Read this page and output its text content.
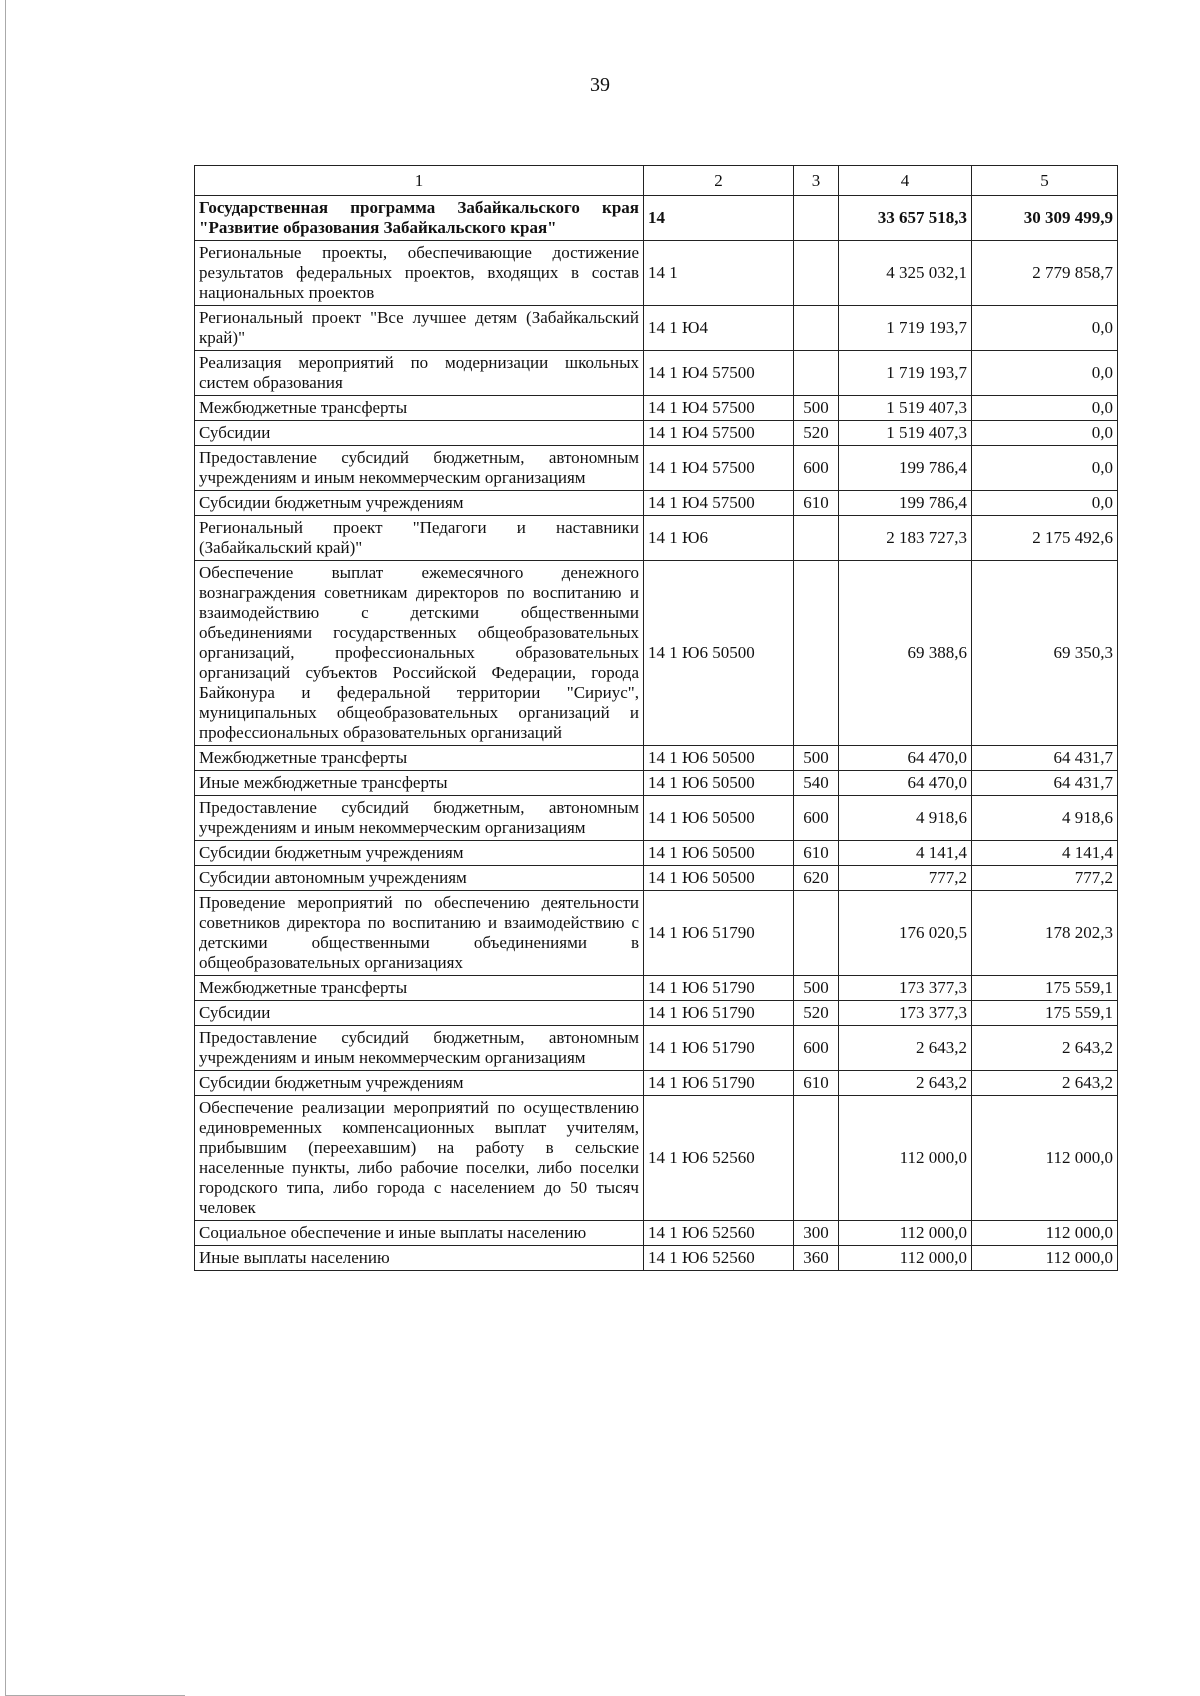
39
1	2	3	4	5
Государственная программа Забайкальского края "Развитие образования Забайкальского края"	14		33 657 518,3	30 309 499,9
Региональные проекты, обеспечивающие достижение результатов федеральных проектов, входящих в состав национальных проектов	14 1		4 325 032,1	2 779 858,7
Региональный проект "Все лучшее детям (Забайкальский край)"	14 1 Ю4		1 719 193,7	0,0
Реализация мероприятий по модернизации школьных систем образования	14 1 Ю4 57500		1 719 193,7	0,0
Межбюджетные трансферты	14 1 Ю4 57500	500	1 519 407,3	0,0
Субсидии	14 1 Ю4 57500	520	1 519 407,3	0,0
Предоставление субсидий бюджетным, автономным учреждениям и иным некоммерческим организациям	14 1 Ю4 57500	600	199 786,4	0,0
Субсидии бюджетным учреждениям	14 1 Ю4 57500	610	199 786,4	0,0
Региональный проект "Педагоги и наставники (Забайкальский край)"	14 1 Ю6		2 183 727,3	2 175 492,6
Обеспечение выплат ежемесячного денежного вознаграждения советникам директоров по воспитанию и взаимодействию с детскими общественными объединениями государственных общеобразовательных организаций, профессиональных образовательных организаций субъектов Российской Федерации, города Байконура и федеральной территории "Сириус", муниципальных общеобразовательных организаций и профессиональных образовательных организаций	14 1 Ю6 50500		69 388,6	69 350,3
Межбюджетные трансферты	14 1 Ю6 50500	500	64 470,0	64 431,7
Иные межбюджетные трансферты	14 1 Ю6 50500	540	64 470,0	64 431,7
Предоставление субсидий бюджетным, автономным учреждениям и иным некоммерческим организациям	14 1 Ю6 50500	600	4 918,6	4 918,6
Субсидии бюджетным учреждениям	14 1 Ю6 50500	610	4 141,4	4 141,4
Субсидии автономным учреждениям	14 1 Ю6 50500	620	777,2	777,2
Проведение мероприятий по обеспечению деятельности советников директора по воспитанию и взаимодействию с детскими общественными объединениями в общеобразовательных организациях	14 1 Ю6 51790		176 020,5	178 202,3
Межбюджетные трансферты	14 1 Ю6 51790	500	173 377,3	175 559,1
Субсидии	14 1 Ю6 51790	520	173 377,3	175 559,1
Предоставление субсидий бюджетным, автономным учреждениям и иным некоммерческим организациям	14 1 Ю6 51790	600	2 643,2	2 643,2
Субсидии бюджетным учреждениям	14 1 Ю6 51790	610	2 643,2	2 643,2
Обеспечение реализации мероприятий по осуществлению единовременных компенсационных выплат учителям, прибывшим (переехавшим) на работу в сельские населенные пункты, либо рабочие поселки, либо поселки городского типа, либо города с населением до 50 тысяч человек	14 1 Ю6 52560		112 000,0	112 000,0
Социальное обеспечение и иные выплаты населению	14 1 Ю6 52560	300	112 000,0	112 000,0
Иные выплаты населению	14 1 Ю6 52560	360	112 000,0	112 000,0
